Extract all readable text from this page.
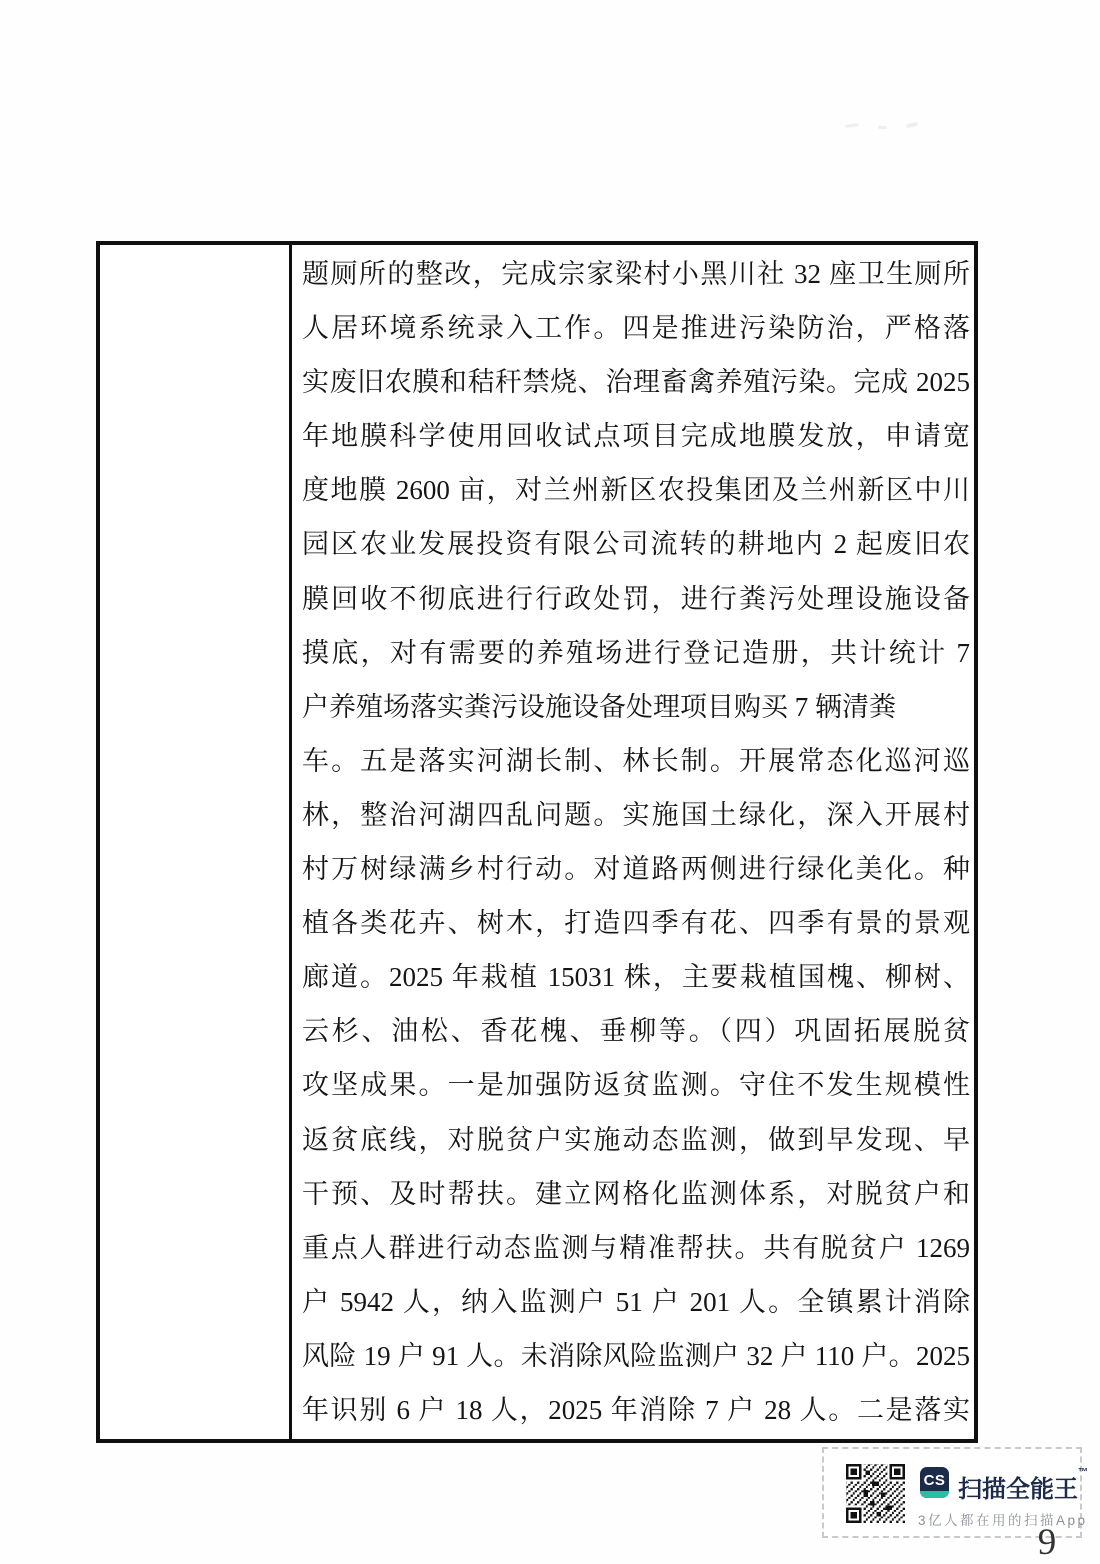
题厕所的整改，完成宗家梁村小黑川社 32 座卫生厕所
人居环境系统录入工作。四是推进污染防治，严格落
实废旧农膜和秸秆禁烧、治理畜禽养殖污染。完成 2025
年地膜科学使用回收试点项目完成地膜发放，申请宽
度地膜 2600 亩，对兰州新区农投集团及兰州新区中川
园区农业发展投资有限公司流转的耕地内 2 起废旧农
膜回收不彻底进行行政处罚，进行粪污处理设施设备
摸底，对有需要的养殖场进行登记造册，共计统计 7
户养殖场落实粪污设施设备处理项目购买 7 辆清粪
车。五是落实河湖长制、林长制。开展常态化巡河巡
林，整治河湖四乱问题。实施国土绿化，深入开展村
村万树绿满乡村行动。对道路两侧进行绿化美化。种
植各类花卉、树木，打造四季有花、四季有景的景观
廊道。2025 年栽植 15031 株，主要栽植国槐、柳树、
云杉、油松、香花槐、垂柳等。（四）巩固拓展脱贫
攻坚成果。一是加强防返贫监测。守住不发生规模性
返贫底线，对脱贫户实施动态监测，做到早发现、早
干预、及时帮扶。建立网格化监测体系，对脱贫户和
重点人群进行动态监测与精准帮扶。共有脱贫户 1269
户 5942 人，纳入监测户 51 户 201 人。全镇累计消除
风险 19 户 91 人。未消除风险监测户 32 户 110 户。2025
年识别 6 户 18 人，2025 年消除 7 户 28 人。二是落实
CS 扫描全能王™
3亿人都在用的扫描App
9
